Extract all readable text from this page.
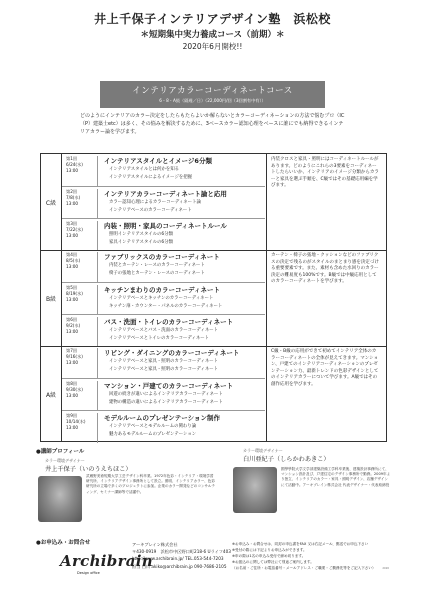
井上千保子インテリアデザイン塾　浜松校
＊短期集中実力養成コース（前期）＊
2020年6月開校!!
インテリアカラーコーディネートコース
6・8・A級（隔週／日）（22,000円/回（3回割有中有））
どのようにインテリアのカラー決定をしたらもたらよいか解らないとカラーコーディネーションの方法で悩むプロ（IC（P）建築士etc）は多く、その悩みを解決するために、3ベースカラー認知心理をベースに誰にでも納得できるインテリアカラー論を学びます。
C級
第1回
6/24(水)
13:00
インテリアスタイルとイメージ6分類
インテリアスタイルとは何かを知る
インテリアスタイルによるイメージを把握
第2回
7/8(水)
13:00
インテリアカラーコーディネート論と応用
カラー認知心理によるカラーコーディネート論
インテリアベースのカラーコーディネート
第3回
7/22(水)
13:00
内装・照明・家具のコーディネートルール
照明インテリアスタイルの6分類
家具インテリアスタイルの6分類
内装クロスと家具・照明にはコーディネートルールがあります。どのようにこれらの3要素をコーディネートしたらいいか、インテリアのイメージ分類からカラーと家具を選ぶ手順を、C級ではその基礎応用編を学びます。
B級
第4回
8/5(水)
13:00
ファブリックスのカラーコーディネート
内装とカーテン・レースのカラーコーディネート
椅子の張地とカーテン・レースのコーディネート
第5回
8/19(水)
13:00
キッチンまわりのカラーコーディネート
インテリアベースとキッチンのカラーコーディネート
キッチン扉・カウンター・パネルのカラーコーディネート
第6回
9/2(水)
13:00
バス・洗面・トイレのカラーコーディネート
インテリアベースとバス・洗面のカラーコーディネート
インテリアベースとトイレのカラーコーディネート
カーテン・椅子の張地・クッションなどのファブリクスの決定で残るのがスタイルのまとまり感を決定づける重要要素です。また、素材も含めた水回りのカラー決定の難易度も100%です。B級では中級応用としてのカラーコーディネートを学びます。
A級
第7回
9/16(水)
13:00
リビング・ダイニングのカラーコーディネート
インテリアベースと家具・照明のカラーコーディネート
インテリアベースと家具・照明のカラーコーディネート
第8回
9/30(水)
13:00
マンション・戸建てのカラーコーディネート
回遊の続きが違いによるインテリアカラーコーディネート
建物の構造の違いによるインテリアカラーコーディネート
第9回
10/14(水)
13:00
モデルルームのプレゼンテーション制作
インテリアベースとモデルルームの関わり論
魅力あるモデルルームのプレゼンテーション
C級・B級の応用ができて初めてインテリア全体のカラーコーディネートの全体が見えてきます。マンション、戸建てのインテリアコーディネーションのプレゼンテーション力、最新トレンドの色彩デザインとしてのインテリアカラーについて学びます。A級ではその創作応用を学びます。
●講師プロフィール
カラー環境デザイナー
井上千保子（いのうえちほこ）
武蔵野美術短期大学工芸デザイン科卒業。1972年色彩・インテリア・環境学習研究所、インテリアデザイン事務所として設立。照明、インテリアカラー、色彩研究所の立場で多くのプロジェクトに参加。企業のカラー開発などのコンサルティング、セミナー講師等で活躍中。
カラー環境デザイナー
白川亜紀子（しらかわあきこ）
國學學院大学文学部建築設備工学科卒業後、建築設計事務所にて、マンション設計及び、戸建住宅のデザイン事務所で勤務。2009年より独立、インテリアのカラー・家具・照明デザイン、店舗デザインにて活動中。アーキブレイン株式会社 代表デザイナー・代表取締役
●お申込み・お問合せ
Archibrain
Design office
アーキブレイン株式会社
〒430-0919　浜松市中区野口町218-6 Uライフ403
http://www.archibrain.jp/ TEL.053-544-7203
担当 白川 akiko@archibrain.jp 090-7686-2105
※お申込み・お問合せは、同封の申込書をFAX 又は右記メール、郵送でお申込下さい
※受付の際には下記よりお申込みができます。
※申の際は1名の申込み受付で締め切ります。
※お振込のに関しては弊社にて別途ご案内します。
（お名前・ご住所・お電話番号・メールアドレス・ご職業・ご勤務先等をご記入下さい）	2020
